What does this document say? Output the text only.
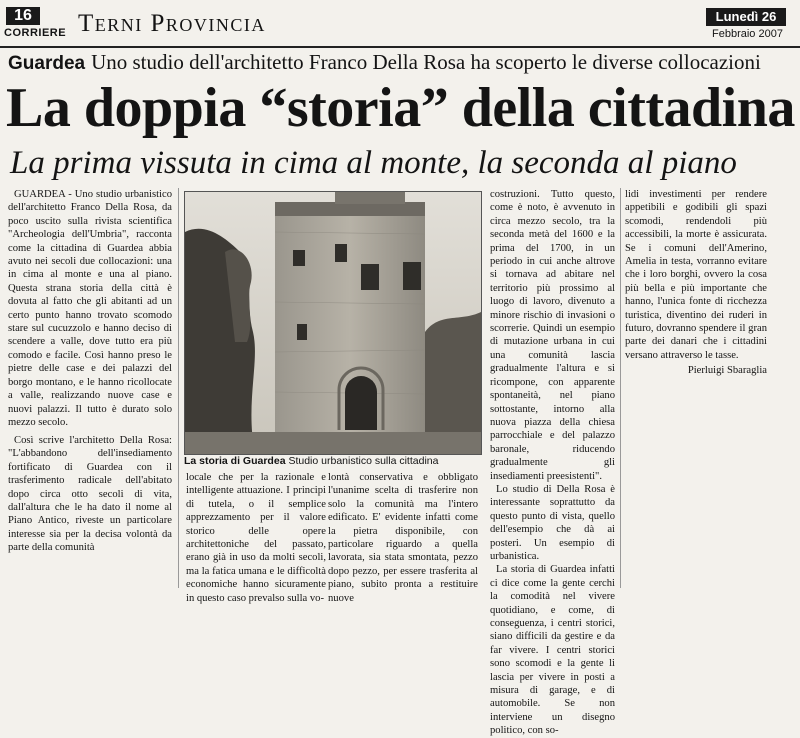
16
CORRIERE Terni Provincia	Lunedì 26
Febbraio 2007
Guardea Uno studio dell'architetto Franco Della Rosa ha scoperto le diverse collocazioni
La doppia “storia” della cittadina
La prima vissuta in cima al monte, la seconda al piano

GUARDEA - Uno studio urbanistico dell'architetto Franco Della Rosa, da poco uscito sulla rivista scientifica "Archeologia dell'Umbria", racconta come la cittadina di Guardea abbia avuto nei secoli due collocazioni: una in cima al monte e una al piano. Questa strana storia della città è dovuta al fatto che gli abitanti ad un certo punto hanno trovato scomodo stare sul cucuzzolo e hanno deciso di scendere a valle, dove tutto era più comodo e facile. Così hanno preso le pietre delle case e dei palazzi del borgo montano, e le hanno ricollocate a valle, realizzando nuove case e nuovi palazzi. Il tutto è durato solo mezzo secolo.

Così scrive l'architetto Della Rosa: "L'abbandono dell'insediamento fortificato di Guardea con il trasferimento radicale dell'abitato dopo circa otto secoli di vita, dall'altura che le ha dato il nome al Piano Antico, riveste un particolare interesse sia per la decisa volontà da parte della comunità

La storia di Guardea Studio urbanistico sulla cittadina

locale che per la razionale e intelligente attuazione. I principi di tutela, o il semplice apprezzamento per il valore storico delle opere architettoniche del passato, erano già in uso da molti secoli, ma la fatica umana e le difficoltà economiche hanno sicuramente in questo caso prevalso sulla vo-

lontà conservativa e obbligato l'unanime scelta di trasferire non solo la comunità ma l'intero edificato. E' evidente infatti come la pietra disponibile, con particolare riguardo a quella lavorata, sia stata smontata, pezzo dopo pezzo, per essere trasferita al piano, subito pronta a restituire nuove

costruzioni. Tutto questo, come è noto, è avvenuto in circa mezzo secolo, tra la seconda metà del 1600 e la prima del 1700, in un periodo in cui anche altrove si tornava ad abitare nel territorio più prossimo al luogo di lavoro, divenuto a minore rischio di invasioni o scorrerie. Quindi un esempio di mutazione urbana in cui una comunità lascia gradualmente l'altura e si ricompone, con apparente spontaneità, nel piano sottostante, intorno alla nuova piazza della chiesa parrocchiale e del palazzo baronale, riducendo gradualmente gli insediamenti preesistenti".

Lo studio di Della Rosa è interessante soprattutto da questo punto di vista, quello dell'esempio che dà ai posteri. Un esempio di urbanistica.

La storia di Guardea infatti ci dice come la gente cerchi la comodità nel vivere quotidiano, e come, di conseguenza, i centri storici, siano difficili da gestire e da far vivere. I centri storici sono scomodi e la gente li lascia per vivere in posti a misura di garage, e di automobile. Se non interviene un disegno politico, con so-

lidi investimenti per rendere appetibili e godibili gli spazi scomodi, rendendoli più accessibili, la morte è assicurata. Se i comuni dell'Amerino, Amelia in testa, vorranno evitare che i loro borghi, ovvero la cosa più bella e più importante che hanno, l'unica fonte di ricchezza turistica, diventino dei ruderi in futuro, dovranno spendere il gran parte dei danari che i cittadini versano attraverso le tasse.

Pierluigi Sbaraglia
